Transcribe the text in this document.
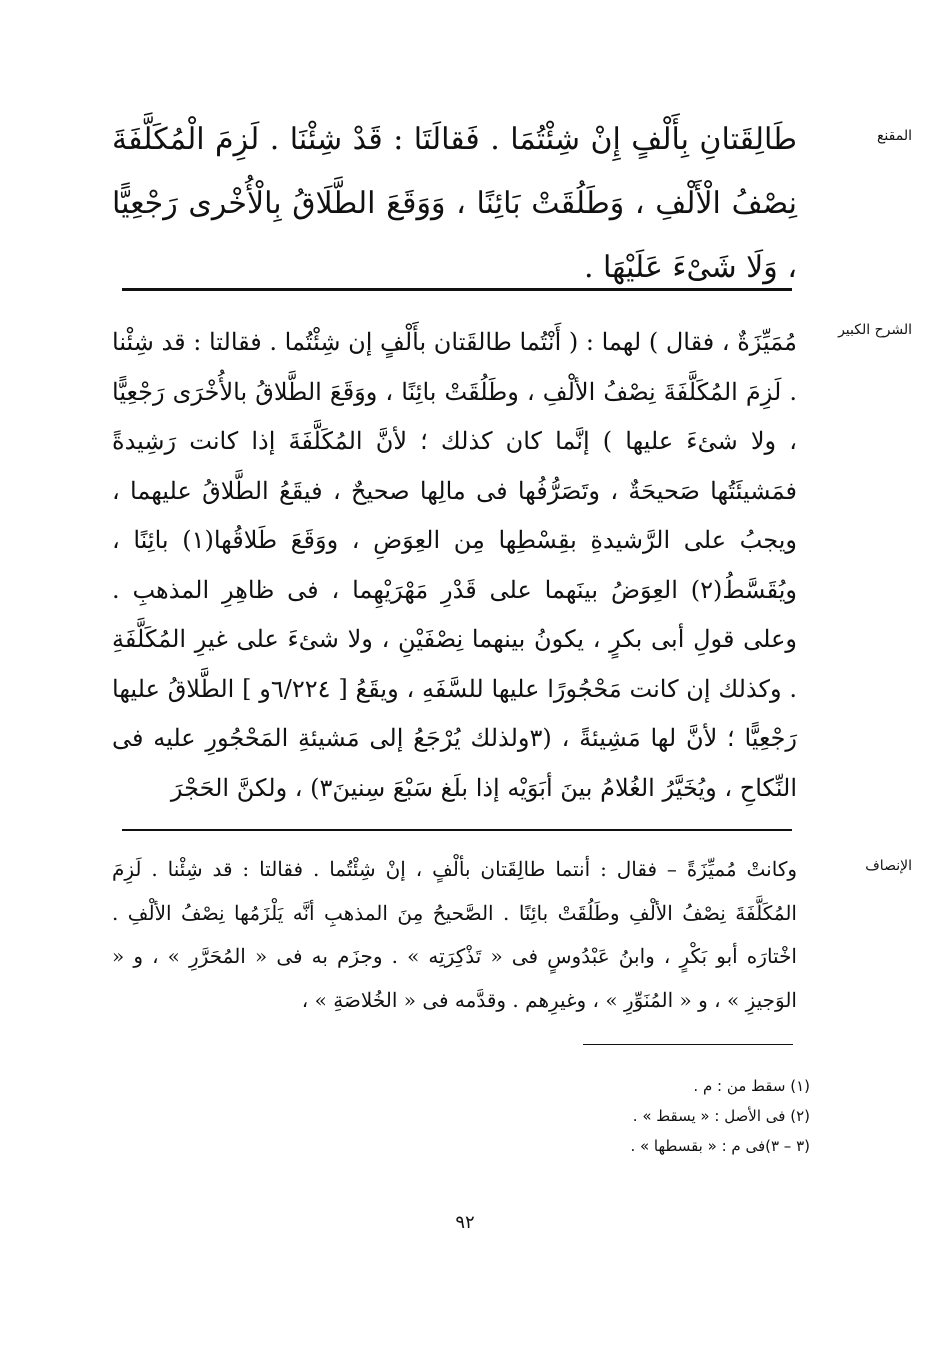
المقنع

طَالِقَتانِ بِأَلْفٍ إِنْ شِئْتُمَا . فَقالَتَا : قَدْ شِئْنَا . لَزِمَ الْمُكَلَّفَةَ نِصْفُ الْأَلْفِ ، وَطَلُقَتْ بَائِنًا ، وَوَقَعَ الطَّلَاقُ بِالْأُخْرى رَجْعِيًّا ، وَلَا شَىْءَ عَلَيْهَا .

الشرح الكبير

مُمَيِّزَةٌ ، فقال ) لهما : ( أَنْتُما طالقَتان بأَلْفٍ إن شِئْتُما . فقالتا : قد شِئْنا . لَزِمَ المُكَلَّفَةَ نِصْفُ الألْفِ ، وطَلُقَتْ بائِنًا ، ووَقَعَ الطَّلاقُ بالأُخْرَى رَجْعِيًّا ، ولا شئءَ عليها ) إنَّما كان كذلك ؛ لأنَّ المُكَلَّفَةَ إذا كانت رَشِيدةً فمَشيئَتُها صَحيحَةٌ ، وتَصَرُّفُها فى مالِها صحيحٌ ، فيقَعُ الطَّلاقُ عليهما ، ويجبُ على الرَّشيدةِ بقِسْطِها مِن العِوَضِ ، ووَقَعَ طَلاقُها(١) بائِنًا ، ويُقَسَّطُ(٢) العِوَضُ بينَهما على قَدْرِ مَهْرَيْهِما ، فى ظاهِرِ المذهبِ . وعلى قولِ أبى بكرٍ ، يكونُ بينهما نِصْفَيْنِ ، ولا شئءَ على غيرِ المُكَلَّفَةِ . وكذلك إن كانت مَحْجُورًا عليها للسَّفَهِ ، ويقَعُ [ ٦/٢٢٤و ] الطَّلاقُ عليها رَجْعِيًّا ؛ لأنَّ لها مَشِيئةً ، (٣ولذلك يُرْجَعُ إلى مَشيئةِ المَحْجُورِ عليه فى النِّكاحِ ، ويُخَيَّرُ الغُلامُ بينَ أبَوَيْه إذا بلَغ سَبْعَ سِنينَ٣) ، ولكنَّ الحَجْرَ

الإنصاف

وكانتْ مُميِّزَةً – فقال : أنتما طالِقَتان بألْفٍ ، إنْ شِئْتُما . فقالتا : قد شِئْنا . لَزِمَ المُكَلَّفَةَ نِصْفُ الألْفِ وطَلُقَتْ بائِنًا . الصَّحيحُ مِنَ المذهبِ أنَّه يَلْزَمُها نِصْفُ الألْفِ . اخْتارَه أبو بَكْرٍ ، وابنُ عَبْدُوسٍ فى « تَذْكِرَتِه » . وجزَم به فى « المُحَرَّرِ » ، و « الوَجيزِ » ، و « المُنَوِّرِ » ، وغيرِهم . وقدَّمه فى « الخُلاصَةِ » ،

(١) سقط من : م .
(٢) فى الأصل : « يسقط » .
(٣ – ٣)فى م : « بقسطها » .
٩٢
